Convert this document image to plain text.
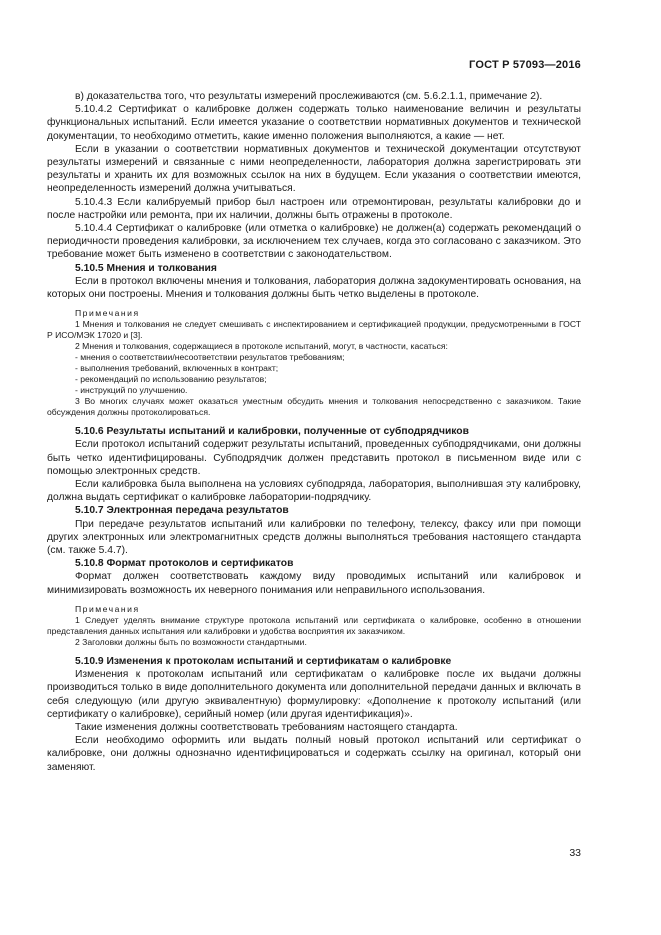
ГОСТ Р 57093—2016

в) доказательства того, что результаты измерений прослеживаются (см. 5.6.2.1.1, примечание 2).

5.10.4.2 Сертификат о калибровке должен содержать только наименование величин и результаты функциональных испытаний. Если имеется указание о соответствии нормативных документов и технической документации, то необходимо отметить, какие именно положения выполняются, а какие — нет.

Если в указании о соответствии нормативных документов и технической документации отсутствуют результаты измерений и связанные с ними неопределенности, лаборатория должна зарегистрировать эти результаты и хранить их для возможных ссылок на них в будущем. Если указания о соответствии имеются, неопределенность измерений должна учитываться.

5.10.4.3 Если калибруемый прибор был настроен или отремонтирован, результаты калибровки до и после настройки или ремонта, при их наличии, должны быть отражены в протоколе.

5.10.4.4 Сертификат о калибровке (или отметка о калибровке) не должен(а) содержать рекомендаций о периодичности проведения калибровки, за исключением тех случаев, когда это согласовано с заказчиком. Это требование может быть изменено в соответствии с законодательством.

5.10.5 Мнения и толкования

Если в протокол включены мнения и толкования, лаборатория должна задокументировать основания, на которых они построены. Мнения и толкования должны быть четко выделены в протоколе.

Примечания

1 Мнения и толкования не следует смешивать с инспектированием и сертификацией продукции, предусмотренными в ГОСТ Р ИСО/МЭК 17020 и [3].

2 Мнения и толкования, содержащиеся в протоколе испытаний, могут, в частности, касаться:

- мнения о соответствии/несоответствии результатов требованиям;

- выполнения требований, включенных в контракт;

- рекомендаций по использованию результатов;

- инструкций по улучшению.

3 Во многих случаях может оказаться уместным обсудить мнения и толкования непосредственно с заказчиком. Такие обсуждения должны протоколироваться.

5.10.6 Результаты испытаний и калибровки, полученные от субподрядчиков

Если протокол испытаний содержит результаты испытаний, проведенных субподрядчиками, они должны быть четко идентифицированы. Субподрядчик должен представить протокол в письменном виде или с помощью электронных средств.

Если калибровка была выполнена на условиях субподряда, лаборатория, выполнившая эту калибровку, должна выдать сертификат о калибровке лаборатории-подрядчику.

5.10.7 Электронная передача результатов

При передаче результатов испытаний или калибровки по телефону, телексу, факсу или при помощи других электронных или электромагнитных средств должны выполняться требования настоящего стандарта (см. также 5.4.7).

5.10.8 Формат протоколов и сертификатов

Формат должен соответствовать каждому виду проводимых испытаний или калибровок и минимизировать возможность их неверного понимания или неправильного использования.

Примечания

1 Следует уделять внимание структуре протокола испытаний или сертификата о калибровке, особенно в отношении представления данных испытания или калибровки и удобства восприятия их заказчиком.

2 Заголовки должны быть по возможности стандартными.

5.10.9 Изменения к протоколам испытаний и сертификатам о калибровке

Изменения к протоколам испытаний или сертификатам о калибровке после их выдачи должны производиться только в виде дополнительного документа или дополнительной передачи данных и включать в себя следующую (или другую эквивалентную) формулировку: «Дополнение к протоколу испытаний (или сертификату о калибровке), серийный номер (или другая идентификация)».

Такие изменения должны соответствовать требованиям настоящего стандарта.

Если необходимо оформить или выдать полный новый протокол испытаний или сертификат о калибровке, они должны однозначно идентифицироваться и содержать ссылку на оригинал, который они заменяют.

33
